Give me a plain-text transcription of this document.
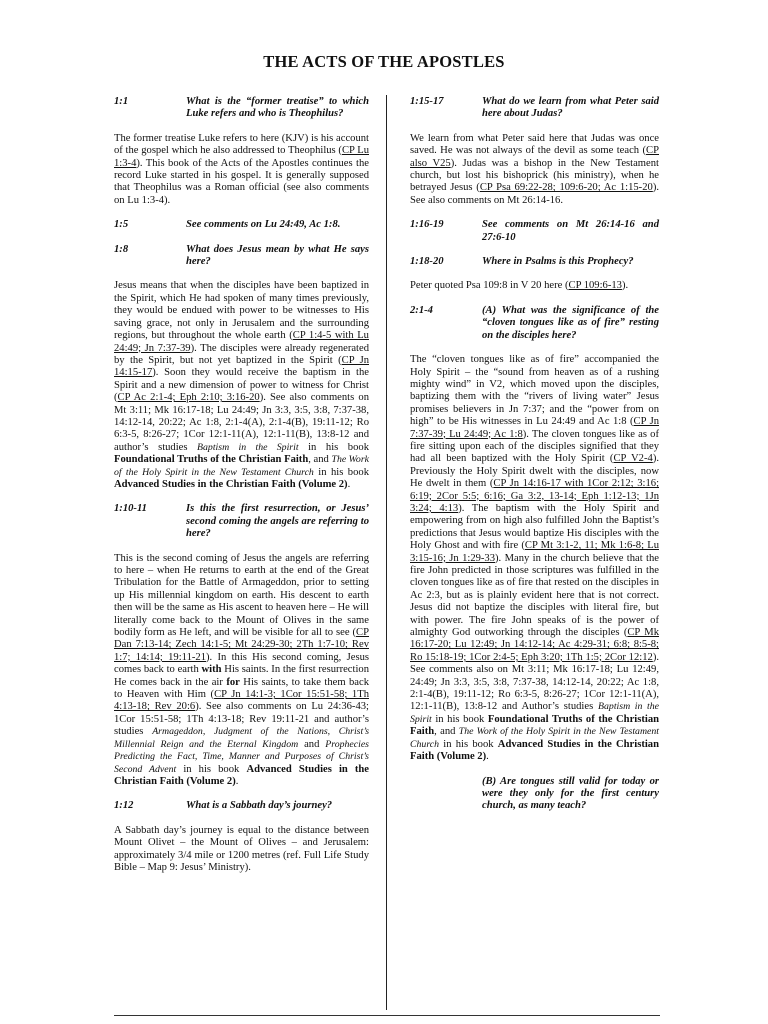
THE ACTS OF THE APOSTLES
1:1	What is the “former treatise” to which Luke refers and who is Theophilus?

The former treatise Luke refers to here (KJV) is his account of the gospel which he also addressed to Theophilus (CP Lu 1:3-4). This book of the Acts of the Apostles continues the record Luke started in his gospel. It is generally supposed that Theophilus was a Roman official (see also comments on Lu 1:3-4).

1:5	See comments on Lu 24:49, Ac 1:8.
1:8	What does Jesus mean by what He says here?

Jesus means that when the disciples have been baptized in the Spirit, which He had spoken of many times previously, they would be endued with power to be witnesses to His saving grace, not only in Jerusalem and the surrounding regions, but throughout the whole earth (CP 1:4-5 with Lu 24:49; Jn 7:37-39). The disciples were already regenerated by the Spirit, but not yet baptized in the Spirit (CP Jn 14:15-17). Soon they would receive the baptism in the Spirit and a new dimension of power to witness for Christ (CP Ac 2:1-4; Eph 2:10; 3:16-20). See also comments on Mt 3:11; Mk 16:17-18; Lu 24:49; Jn 3:3, 3:5, 3:8, 7:37-38, 14:12-14, 20:22; Ac 1:8, 2:1-4(A), 2:1-4(B), 19:11-12; Ro 6:3-5, 8:26-27; 1Cor 12:1-11(A), 12:1-11(B), 13:8-12 and author’s studies Baptism in the Spirit in his book Foundational Truths of the Christian Faith, and The Work of the Holy Spirit in the New Testament Church in his book Advanced Studies in the Christian Faith (Volume 2).

1:10-11	Is this the first resurrection, or Jesus’ second coming the angels are referring to here?

This is the second coming of Jesus the angels are referring to here – when He returns to earth at the end of the Great Tribulation for the Battle of Armageddon, prior to setting up His millennial kingdom on earth. His descent to earth then will be the same as His ascent to heaven here – He will literally come back to the Mount of Olives in the same bodily form as He left, and will be visible for all to see (CP Dan 7:13-14; Zech 14:1-5; Mt 24:29-30; 2Th 1:7-10; Rev 1:7; 14:14; 19:11-21). In this His second coming, Jesus comes back to earth with His saints. In the first resurrection He comes back in the air for His saints, to take them back to Heaven with Him (CP Jn 14:1-3; 1Cor 15:51-58; 1Th 4:13-18; Rev 20:6). See also comments on Lu 24:36-43; 1Cor 15:51-58; 1Th 4:13-18; Rev 19:11-21 and author’s studies Armageddon, Judgment of the Nations, Christ’s Millennial Reign and the Eternal Kingdom and Prophecies Predicting the Fact, Time, Manner and Purposes of Christ’s Second Advent in his book Advanced Studies in the Christian Faith (Volume 2).

1:12	What is a Sabbath day’s journey?

A Sabbath day’s journey is equal to the distance between Mount Olivet – the Mount of Olives – and Jerusalem: approximately 3/4 mile or 1200 metres (ref. Full Life Study Bible – Map 9: Jesus’ Ministry).

1:15-17	What do we learn from what Peter said here about Judas?

We learn from what Peter said here that Judas was once saved. He was not always of the devil as some teach (CP also V25). Judas was a bishop in the New Testament church, but lost his bishoprick (his ministry), when he betrayed Jesus (CP Psa 69:22-28; 109:6-20; Ac 1:15-20). See also comments on Mt 26:14-16.

1:16-19	See comments on Mt 26:14-16 and 27:6-10
1:18-20	Where in Psalms is this Prophecy?

Peter quoted Psa 109:8 in V 20 here (CP 109:6-13).

2:1-4	(A) What was the significance of the “cloven tongues like as of fire” resting on the disciples here?

The “cloven tongues like as of fire” accompanied the Holy Spirit – the “sound from heaven as of a rushing mighty wind” in V2, which moved upon the disciples, baptizing them with the “rivers of living water” Jesus promises believers in Jn 7:37; and the “power from on high” to be His witnesses in Lu 24:49 and Ac 1:8 (CP Jn 7:37-39; Lu 24:49; Ac 1:8). The cloven tongues like as of fire sitting upon each of the disciples signified that they had all been baptized with the Holy Spirit (CP V2-4). Previously the Holy Spirit dwelt with the disciples, now He dwelt in them (CP Jn 14:16-17 with 1Cor 2:12; 3:16; 6:19; 2Cor 5:5; 6:16; Ga 3:2, 13-14; Eph 1:12-13; 1Jn 3:24; 4:13). The baptism with the Holy Spirit and empowering from on high also fulfilled John the Baptist’s predictions that Jesus would baptize His disciples with the Holy Ghost and with fire (CP Mt 3:1-2, 11; Mk 1:6-8; Lu 3:15-16; Jn 1:29-33). Many in the church believe that the fire John predicted in those scriptures was fulfilled in the cloven tongues like as of fire that rested on the disciples in Ac 2:3, but as is plainly evident here that is not correct. Jesus did not baptize the disciples with literal fire, but with power. The fire John speaks of is the power of almighty God outworking through the disciples (CP Mk 16:17-20; Lu 12:49; Jn 14:12-14; Ac 4:29-31; 6:8; 8:5-8; Ro 15:18-19; 1Cor 2:4-5; Eph 3:20; 1Th 1:5; 2Cor 12:12). See comments also on Mt 3:11; Mk 16:17-18; Lu 12:49, 24:49; Jn 3:3, 3:5, 3:8, 7:37-38, 14:12-14, 20:22; Ac 1:8, 2:1-4(B), 19:11-12; Ro 6:3-5, 8:26-27; 1Cor 12:1-11(A), 12:1-11(B), 13:8-12 and Author’s studies Baptism in the Spirit in his book Foundational Truths of the Christian Faith, and The Work of the Holy Spirit in the New Testament Church in his book Advanced Studies in the Christian Faith (Volume 2).

(B) Are tongues still valid for today or were they only for the first century church, as many teach?
